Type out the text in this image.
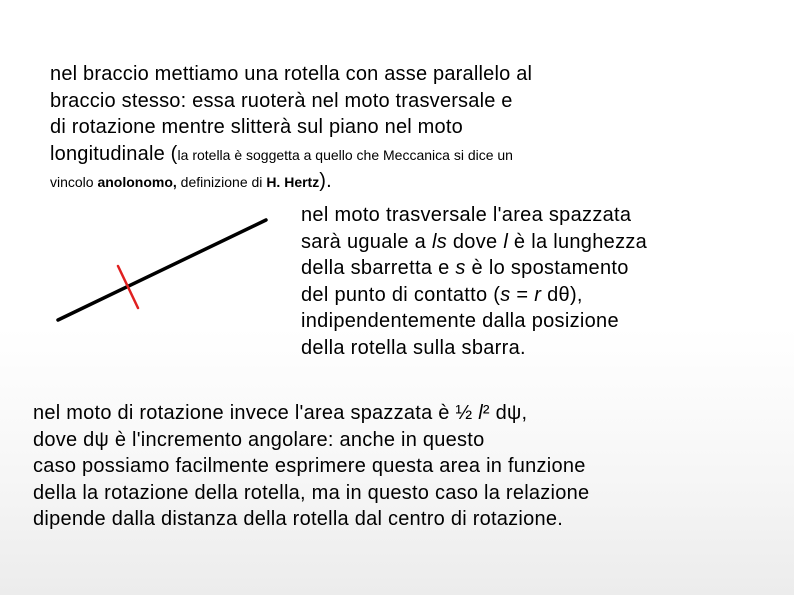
nel braccio mettiamo una rotella con asse parallelo al
braccio stesso: essa ruoterà nel moto trasversale e
di rotazione mentre slitterà sul piano nel moto
longitudinale (la rotella è soggetta a quello che Meccanica si dice un
vincolo anolonomo, definizione di H. Hertz).

nel moto trasversale l'area spazzata
sarà uguale a ls dove l è la lunghezza
della sbarretta e s è lo spostamento
del punto di contatto (s = r dθ),
indipendentemente dalla posizione
della rotella sulla sbarra.

nel moto di rotazione invece l'area spazzata è ½ l² dψ,
dove dψ è l'incremento angolare: anche in questo
caso possiamo facilmente esprimere questa area in funzione
della la rotazione della rotella, ma in questo caso la relazione
dipende dalla distanza della rotella dal centro di rotazione.
